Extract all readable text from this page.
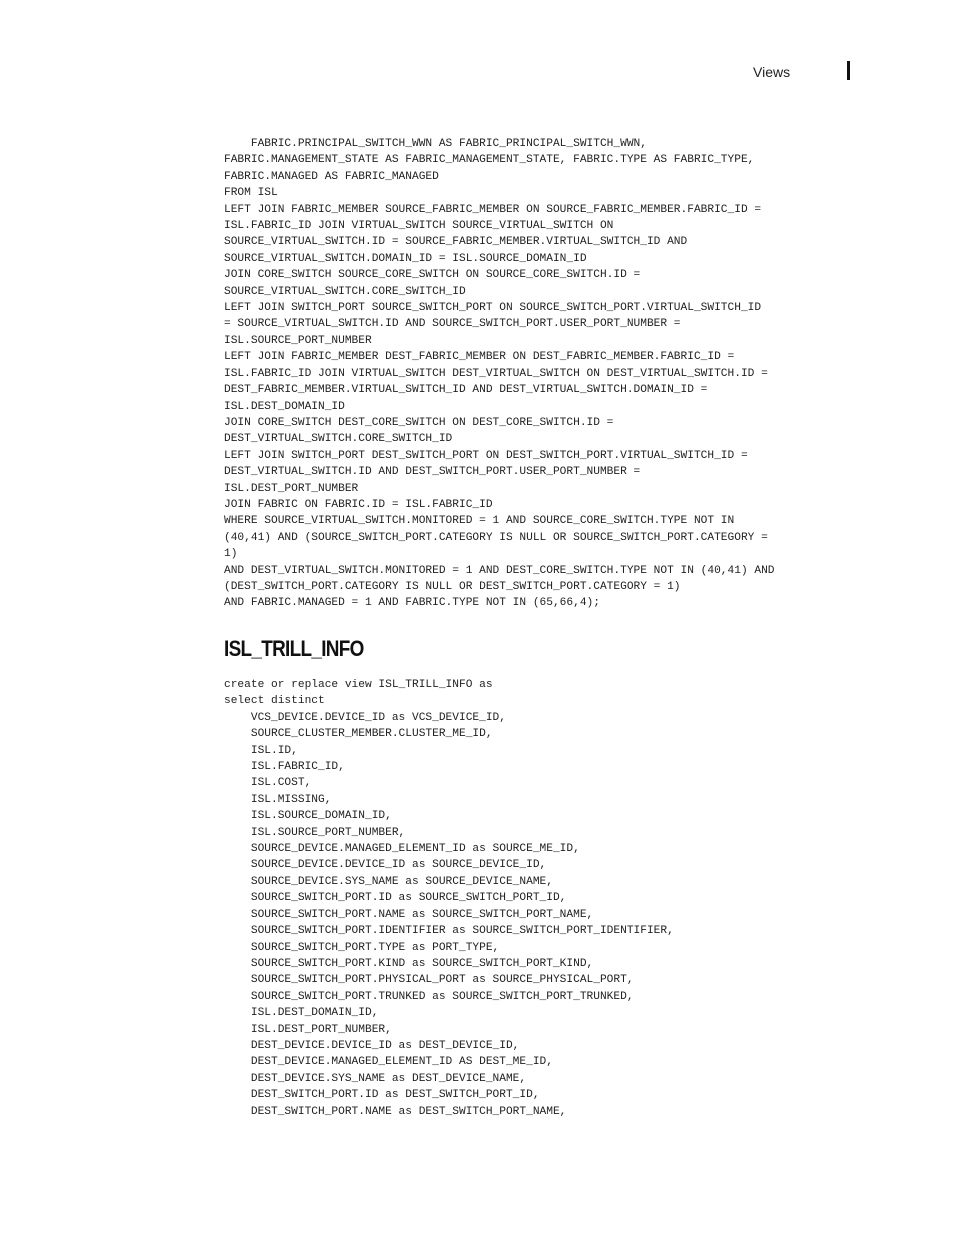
Views
FABRIC.PRINCIPAL_SWITCH_WWN AS FABRIC_PRINCIPAL_SWITCH_WWN,
FABRIC.MANAGEMENT_STATE AS FABRIC_MANAGEMENT_STATE, FABRIC.TYPE AS FABRIC_TYPE,
FABRIC.MANAGED AS FABRIC_MANAGED
FROM ISL
LEFT JOIN FABRIC_MEMBER SOURCE_FABRIC_MEMBER ON SOURCE_FABRIC_MEMBER.FABRIC_ID =
ISL.FABRIC_ID JOIN VIRTUAL_SWITCH SOURCE_VIRTUAL_SWITCH ON
SOURCE_VIRTUAL_SWITCH.ID = SOURCE_FABRIC_MEMBER.VIRTUAL_SWITCH_ID AND
SOURCE_VIRTUAL_SWITCH.DOMAIN_ID = ISL.SOURCE_DOMAIN_ID
JOIN CORE_SWITCH SOURCE_CORE_SWITCH ON SOURCE_CORE_SWITCH.ID =
SOURCE_VIRTUAL_SWITCH.CORE_SWITCH_ID
LEFT JOIN SWITCH_PORT SOURCE_SWITCH_PORT ON SOURCE_SWITCH_PORT.VIRTUAL_SWITCH_ID
= SOURCE_VIRTUAL_SWITCH.ID AND SOURCE_SWITCH_PORT.USER_PORT_NUMBER =
ISL.SOURCE_PORT_NUMBER
LEFT JOIN FABRIC_MEMBER DEST_FABRIC_MEMBER ON DEST_FABRIC_MEMBER.FABRIC_ID =
ISL.FABRIC_ID JOIN VIRTUAL_SWITCH DEST_VIRTUAL_SWITCH ON DEST_VIRTUAL_SWITCH.ID =
DEST_FABRIC_MEMBER.VIRTUAL_SWITCH_ID AND DEST_VIRTUAL_SWITCH.DOMAIN_ID =
ISL.DEST_DOMAIN_ID
JOIN CORE_SWITCH DEST_CORE_SWITCH ON DEST_CORE_SWITCH.ID =
DEST_VIRTUAL_SWITCH.CORE_SWITCH_ID
LEFT JOIN SWITCH_PORT DEST_SWITCH_PORT ON DEST_SWITCH_PORT.VIRTUAL_SWITCH_ID =
DEST_VIRTUAL_SWITCH.ID AND DEST_SWITCH_PORT.USER_PORT_NUMBER =
ISL.DEST_PORT_NUMBER
JOIN FABRIC ON FABRIC.ID = ISL.FABRIC_ID
WHERE SOURCE_VIRTUAL_SWITCH.MONITORED = 1 AND SOURCE_CORE_SWITCH.TYPE NOT IN
(40,41) AND (SOURCE_SWITCH_PORT.CATEGORY IS NULL OR SOURCE_SWITCH_PORT.CATEGORY =
1)
AND DEST_VIRTUAL_SWITCH.MONITORED = 1 AND DEST_CORE_SWITCH.TYPE NOT IN (40,41) AND
(DEST_SWITCH_PORT.CATEGORY IS NULL OR DEST_SWITCH_PORT.CATEGORY = 1)
AND FABRIC.MANAGED = 1 AND FABRIC.TYPE NOT IN (65,66,4);
ISL_TRILL_INFO
create or replace view ISL_TRILL_INFO as
select distinct
VCS_DEVICE.DEVICE_ID as VCS_DEVICE_ID,
SOURCE_CLUSTER_MEMBER.CLUSTER_ME_ID,
ISL.ID,
ISL.FABRIC_ID,
ISL.COST,
ISL.MISSING,
ISL.SOURCE_DOMAIN_ID,
ISL.SOURCE_PORT_NUMBER,
SOURCE_DEVICE.MANAGED_ELEMENT_ID as SOURCE_ME_ID,
SOURCE_DEVICE.DEVICE_ID as SOURCE_DEVICE_ID,
SOURCE_DEVICE.SYS_NAME as SOURCE_DEVICE_NAME,
SOURCE_SWITCH_PORT.ID as SOURCE_SWITCH_PORT_ID,
SOURCE_SWITCH_PORT.NAME as SOURCE_SWITCH_PORT_NAME,
SOURCE_SWITCH_PORT.IDENTIFIER as SOURCE_SWITCH_PORT_IDENTIFIER,
SOURCE_SWITCH_PORT.TYPE as PORT_TYPE,
SOURCE_SWITCH_PORT.KIND as SOURCE_SWITCH_PORT_KIND,
SOURCE_SWITCH_PORT.PHYSICAL_PORT as SOURCE_PHYSICAL_PORT,
SOURCE_SWITCH_PORT.TRUNKED as SOURCE_SWITCH_PORT_TRUNKED,
ISL.DEST_DOMAIN_ID,
ISL.DEST_PORT_NUMBER,
DEST_DEVICE.DEVICE_ID as DEST_DEVICE_ID,
DEST_DEVICE.MANAGED_ELEMENT_ID AS DEST_ME_ID,
DEST_DEVICE.SYS_NAME as DEST_DEVICE_NAME,
DEST_SWITCH_PORT.ID as DEST_SWITCH_PORT_ID,
DEST_SWITCH_PORT.NAME as DEST_SWITCH_PORT_NAME,
